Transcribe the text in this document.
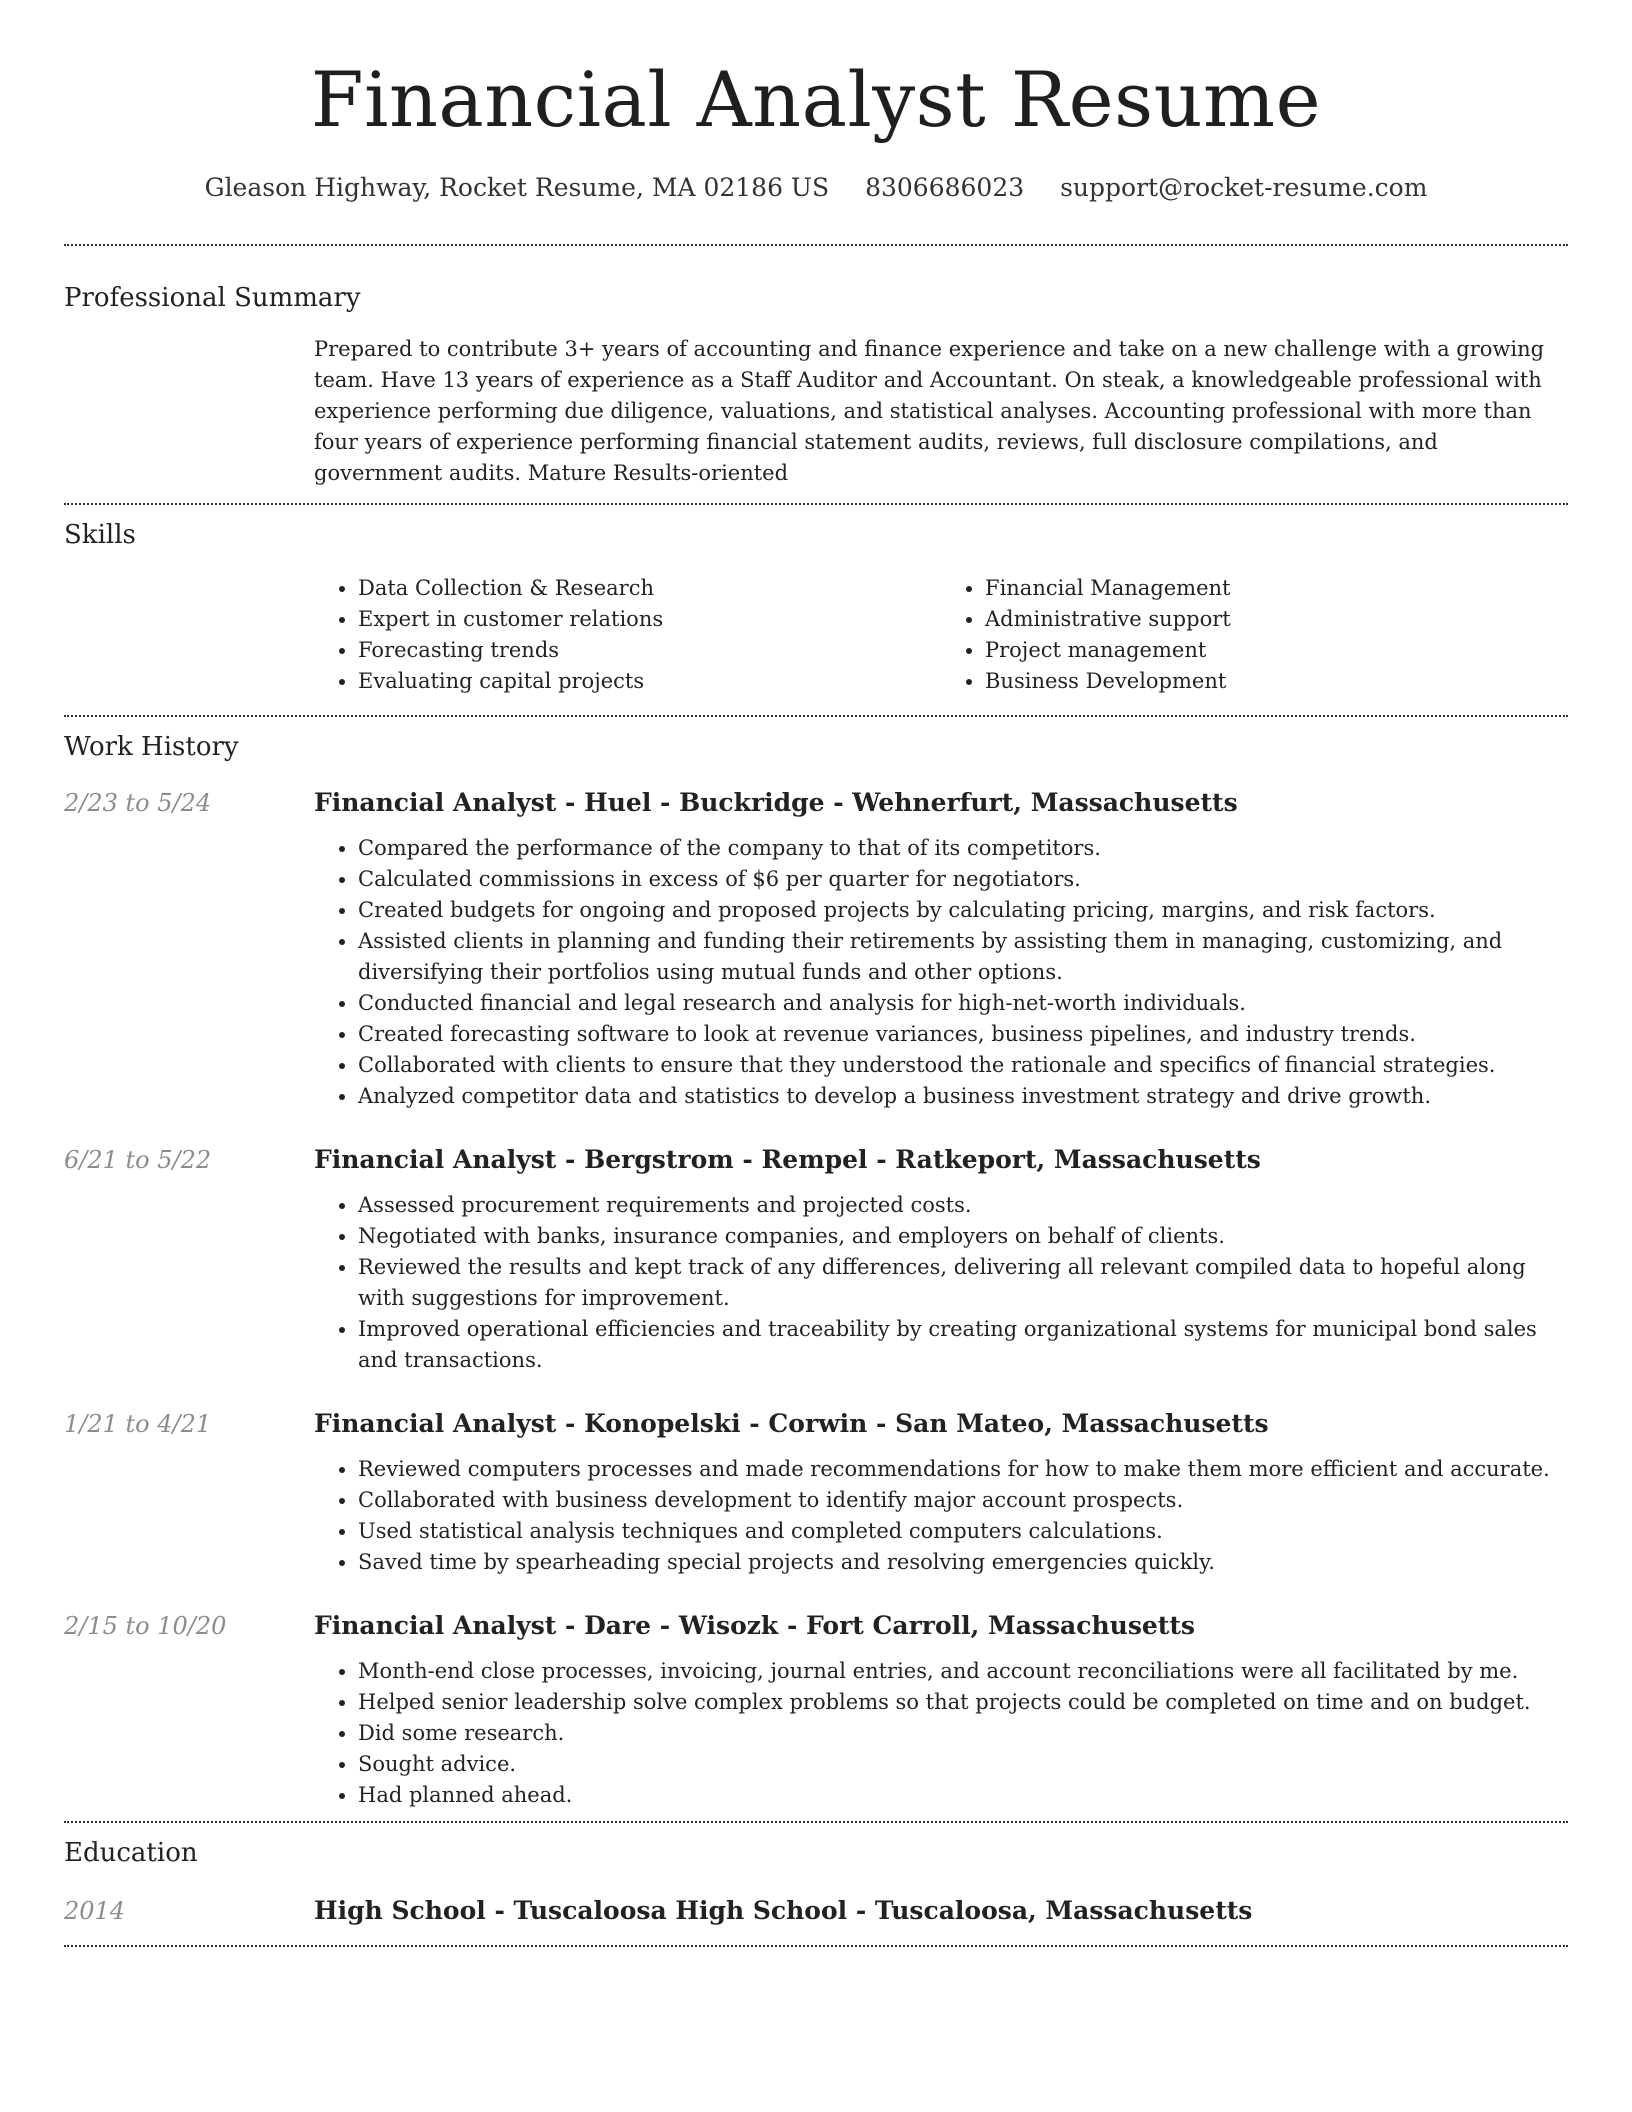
Financial Analyst Resume
Gleason Highway, Rocket Resume, MA 02186 US 8306686023 support@rocket-resume.com
Professional Summary

Prepared to contribute 3+ years of accounting and finance experience and take on a new challenge with a growing team. Have 13 years of experience as a Staff Auditor and Accountant. On steak, a knowledgeable professional with experience performing due diligence, valuations, and statistical analyses. Accounting professional with more than four years of experience performing financial statement audits, reviews, full disclosure compilations, and government audits. Mature Results-oriented

Skills
• Data Collection & Research
• Expert in customer relations
• Forecasting trends
• Evaluating capital projects
• Financial Management
• Administrative support
• Project management
• Business Development
Work History
2/23 to 5/24	Financial Analyst - Huel - Buckridge - Wehnerfurt, Massachusetts
• Compared the performance of the company to that of its competitors.
• Calculated commissions in excess of $6 per quarter for negotiators.
• Created budgets for ongoing and proposed projects by calculating pricing, margins, and risk factors.
• Assisted clients in planning and funding their retirements by assisting them in managing, customizing, and diversifying their portfolios using mutual funds and other options.
• Conducted financial and legal research and analysis for high-net-worth individuals.
• Created forecasting software to look at revenue variances, business pipelines, and industry trends.
• Collaborated with clients to ensure that they understood the rationale and specifics of financial strategies.
• Analyzed competitor data and statistics to develop a business investment strategy and drive growth.
6/21 to 5/22	Financial Analyst - Bergstrom - Rempel - Ratkeport, Massachusetts
• Assessed procurement requirements and projected costs.
• Negotiated with banks, insurance companies, and employers on behalf of clients.
• Reviewed the results and kept track of any differences, delivering all relevant compiled data to hopeful along with suggestions for improvement.
• Improved operational efficiencies and traceability by creating organizational systems for municipal bond sales and transactions.
1/21 to 4/21	Financial Analyst - Konopelski - Corwin - San Mateo, Massachusetts
• Reviewed computers processes and made recommendations for how to make them more efficient and accurate.
• Collaborated with business development to identify major account prospects.
• Used statistical analysis techniques and completed computers calculations.
• Saved time by spearheading special projects and resolving emergencies quickly.
2/15 to 10/20	Financial Analyst - Dare - Wisozk - Fort Carroll, Massachusetts
• Month-end close processes, invoicing, journal entries, and account reconciliations were all facilitated by me.
• Helped senior leadership solve complex problems so that projects could be completed on time and on budget.
• Did some research.
• Sought advice.
• Had planned ahead.
Education
2014	High School - Tuscaloosa High School - Tuscaloosa, Massachusetts
